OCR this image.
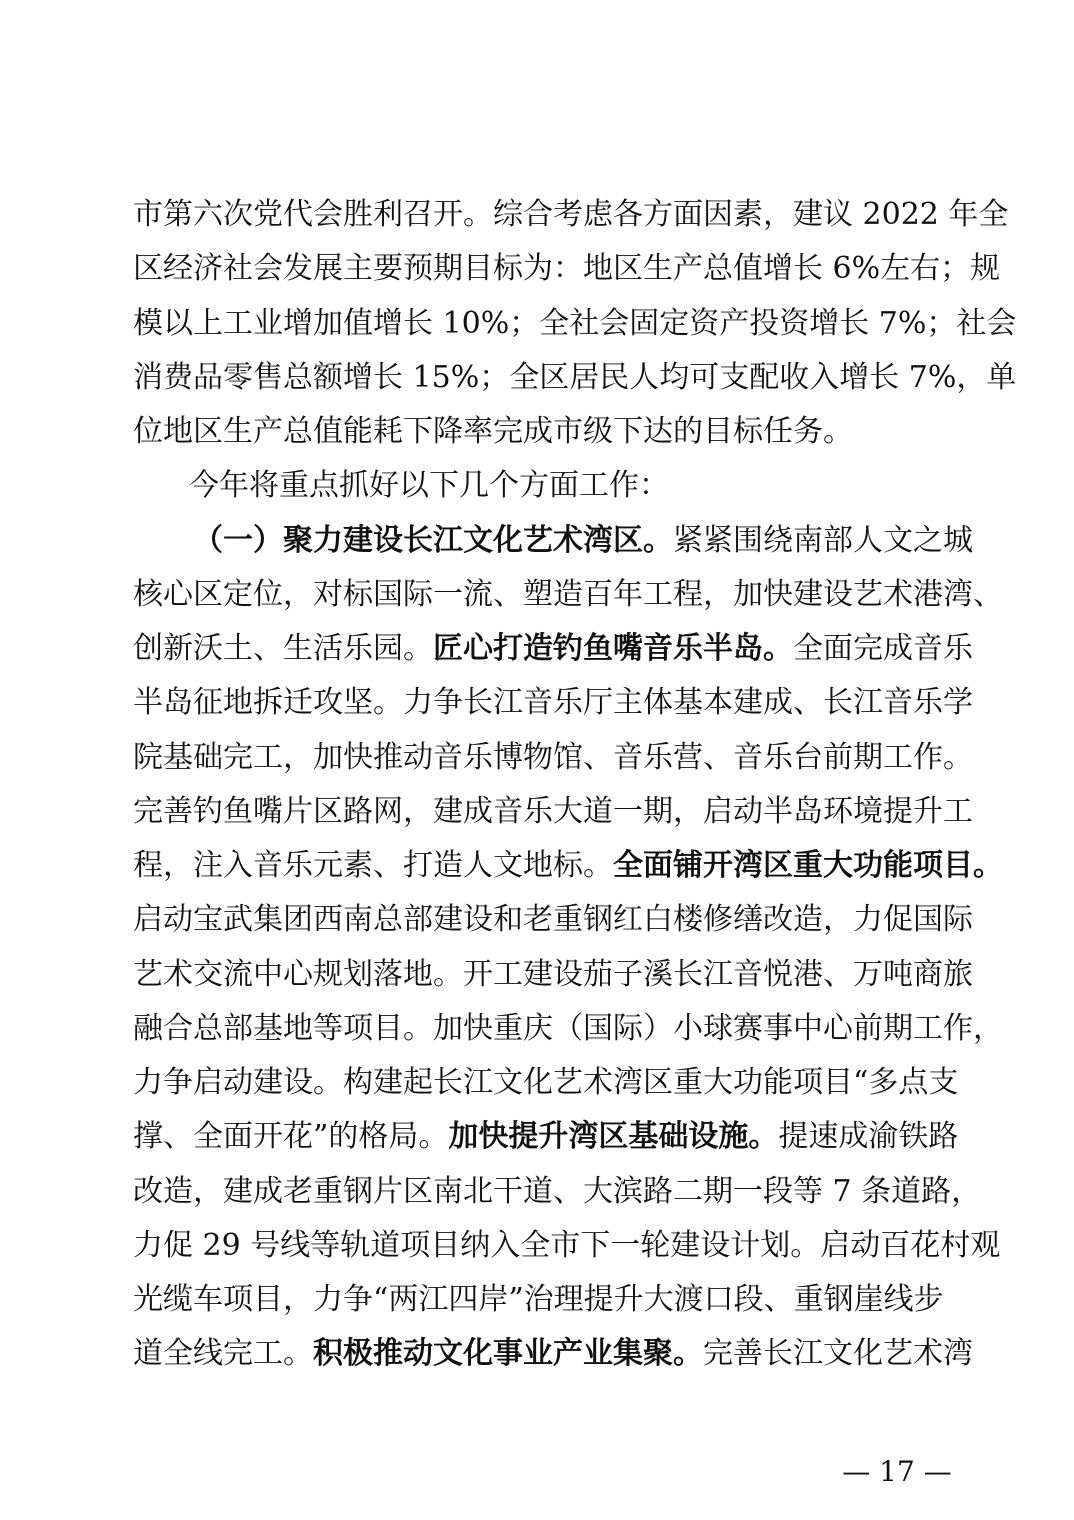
市第六次党代会胜利召开。综合考虑各方面因素，建议 2022 年全
区经济社会发展主要预期目标为：地区生产总值增长 6%左右；规
模以上工业增加值增长 10%；全社会固定资产投资增长 7%；社会
消费品零售总额增长 15%；全区居民人均可支配收入增长 7%，单
位地区生产总值能耗下降率完成市级下达的目标任务。
今年将重点抓好以下几个方面工作：
（一）聚力建设长江文化艺术湾区。紧紧围绕南部人文之城
核心区定位，对标国际一流、塑造百年工程，加快建设艺术港湾、
创新沃土、生活乐园。匠心打造钓鱼嘴音乐半岛。全面完成音乐
半岛征地拆迁攻坚。力争长江音乐厅主体基本建成、长江音乐学
院基础完工，加快推动音乐博物馆、音乐营、音乐台前期工作。
完善钓鱼嘴片区路网，建成音乐大道一期，启动半岛环境提升工
程，注入音乐元素、打造人文地标。全面铺开湾区重大功能项目。
启动宝武集团西南总部建设和老重钢红白楼修缮改造，力促国际
艺术交流中心规划落地。开工建设茄子溪长江音悦港、万吨商旅
融合总部基地等项目。加快重庆（国际）小球赛事中心前期工作，
力争启动建设。构建起长江文化艺术湾区重大功能项目“多点支
撑、全面开花”的格局。加快提升湾区基础设施。提速成渝铁路
改造，建成老重钢片区南北干道、大滨路二期一段等 7 条道路，
力促 29 号线等轨道项目纳入全市下一轮建设计划。启动百花村观
光缆车项目，力争“两江四岸”治理提升大渡口段、重钢崖线步
道全线完工。积极推动文化事业产业集聚。完善长江文化艺术湾
— 17 —
